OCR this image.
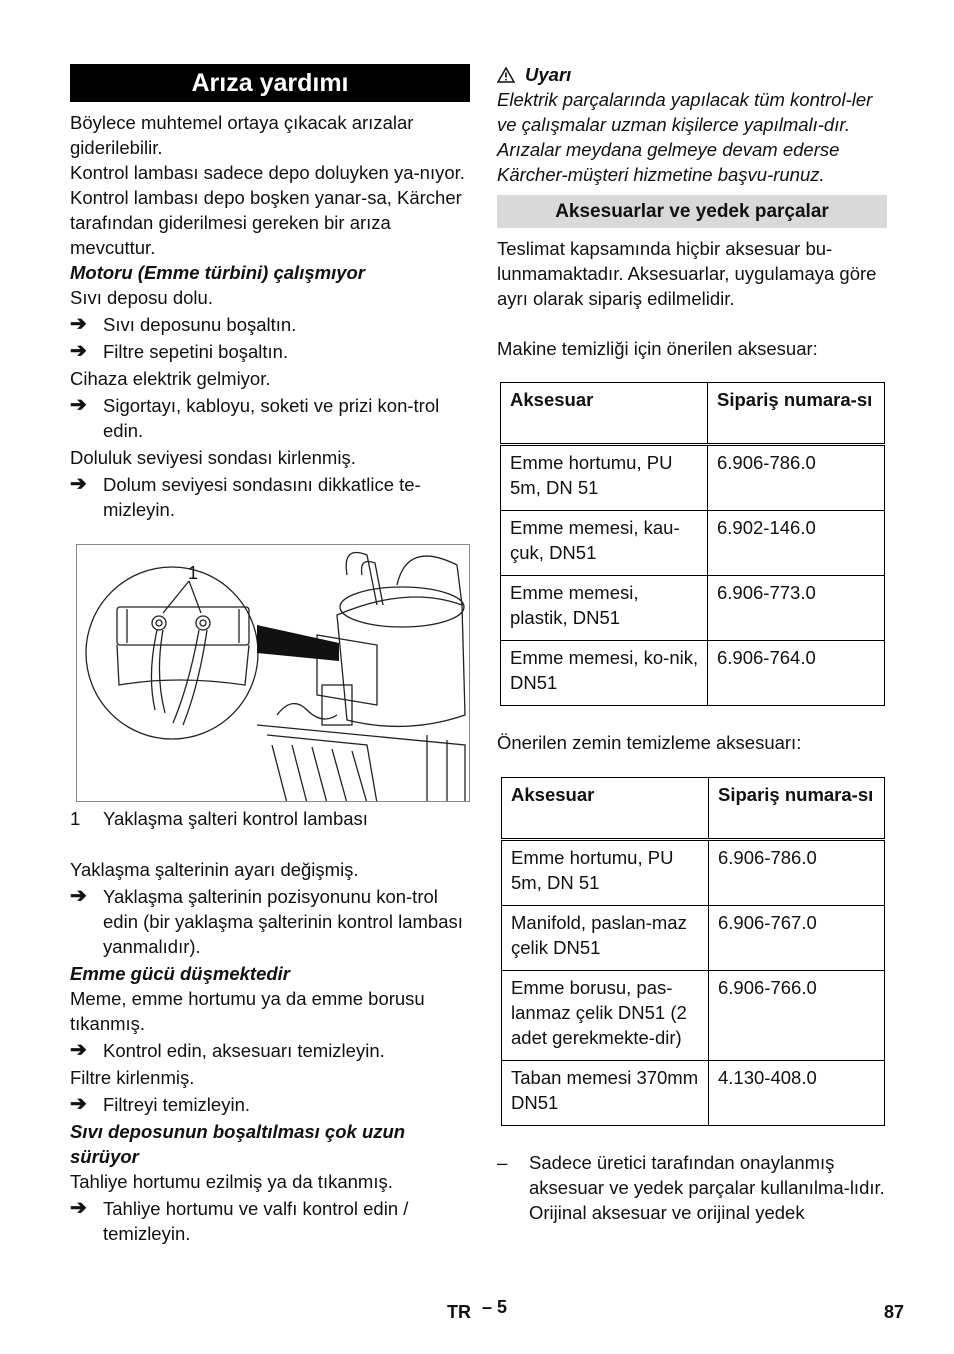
Arıza yardımı

Böylece muhtemel ortaya çıkacak arızalar giderilebilir.

Kontrol lambası sadece depo doluyken ya-nıyor. Kontrol lambası depo boşken yanar-sa, Kärcher tarafından giderilmesi gereken bir arıza mevcuttur.

Motoru (Emme türbini) çalışmıyor

Sıvı deposu dolu.

➔ Sıvı deposunu boşaltın.
➔ Filtre sepetini boşaltın.

Cihaza elektrik gelmiyor.

➔ Sigortayı, kabloyu, soketi ve prizi kon-trol edin.

Doluluk seviyesi sondası kirlenmiş.

➔ Dolum seviyesi sondasını dikkatlice te-mizleyin.
1
1	Yaklaşma şalteri kontrol lambası

Yaklaşma şalterinin ayarı değişmiş.

➔ Yaklaşma şalterinin pozisyonunu kon-trol edin (bir yaklaşma şalterinin kontrol lambası yanmalıdır).

Emme gücü düşmektedir

Meme, emme hortumu ya da emme borusu tıkanmış.

➔ Kontrol edin, aksesuarı temizleyin.

Filtre kirlenmiş.

➔ Filtreyi temizleyin.

Sıvı deposunun boşaltılması çok uzun sürüyor

Tahliye hortumu ezilmiş ya da tıkanmış.

➔ Tahliye hortumu ve valfı kontrol edin / temizleyin.
Uyarı

Elektrik parçalarında yapılacak tüm kontrol-ler ve çalışmalar uzman kişilerce yapılmalı-dır. Arızalar meydana gelmeye devam ederse Kärcher-müşteri hizmetine başvu-runuz.

Aksesuarlar ve yedek parçalar

Teslimat kapsamında hiçbir aksesuar bu-lunmamaktadır. Aksesuarlar, uygulamaya göre ayrı olarak sipariş edilmelidir.

Makine temizliği için önerilen aksesuar:

Aksesuar	Sipariş numara-sı
Emme hortumu, PU 5m, DN 51	6.906-786.0
Emme memesi, kau-çuk, DN51	6.902-146.0
Emme memesi, plastik, DN51	6.906-773.0
Emme memesi, ko-nik, DN51	6.906-764.0

Önerilen zemin temizleme aksesuarı:

Aksesuar	Sipariş numara-sı
Emme hortumu, PU 5m, DN 51	6.906-786.0
Manifold, paslan-maz çelik DN51	6.906-767.0
Emme borusu, pas-lanmaz çelik DN51 (2 adet gerekmekte-dir)	6.906-766.0
Taban memesi 370mm DN51	4.130-408.0
–	Sadece üretici tarafından onaylanmış aksesuar ve yedek parçalar kullanılma-lıdır. Orijinal aksesuar ve orijinal yedek
TR – 5	87
